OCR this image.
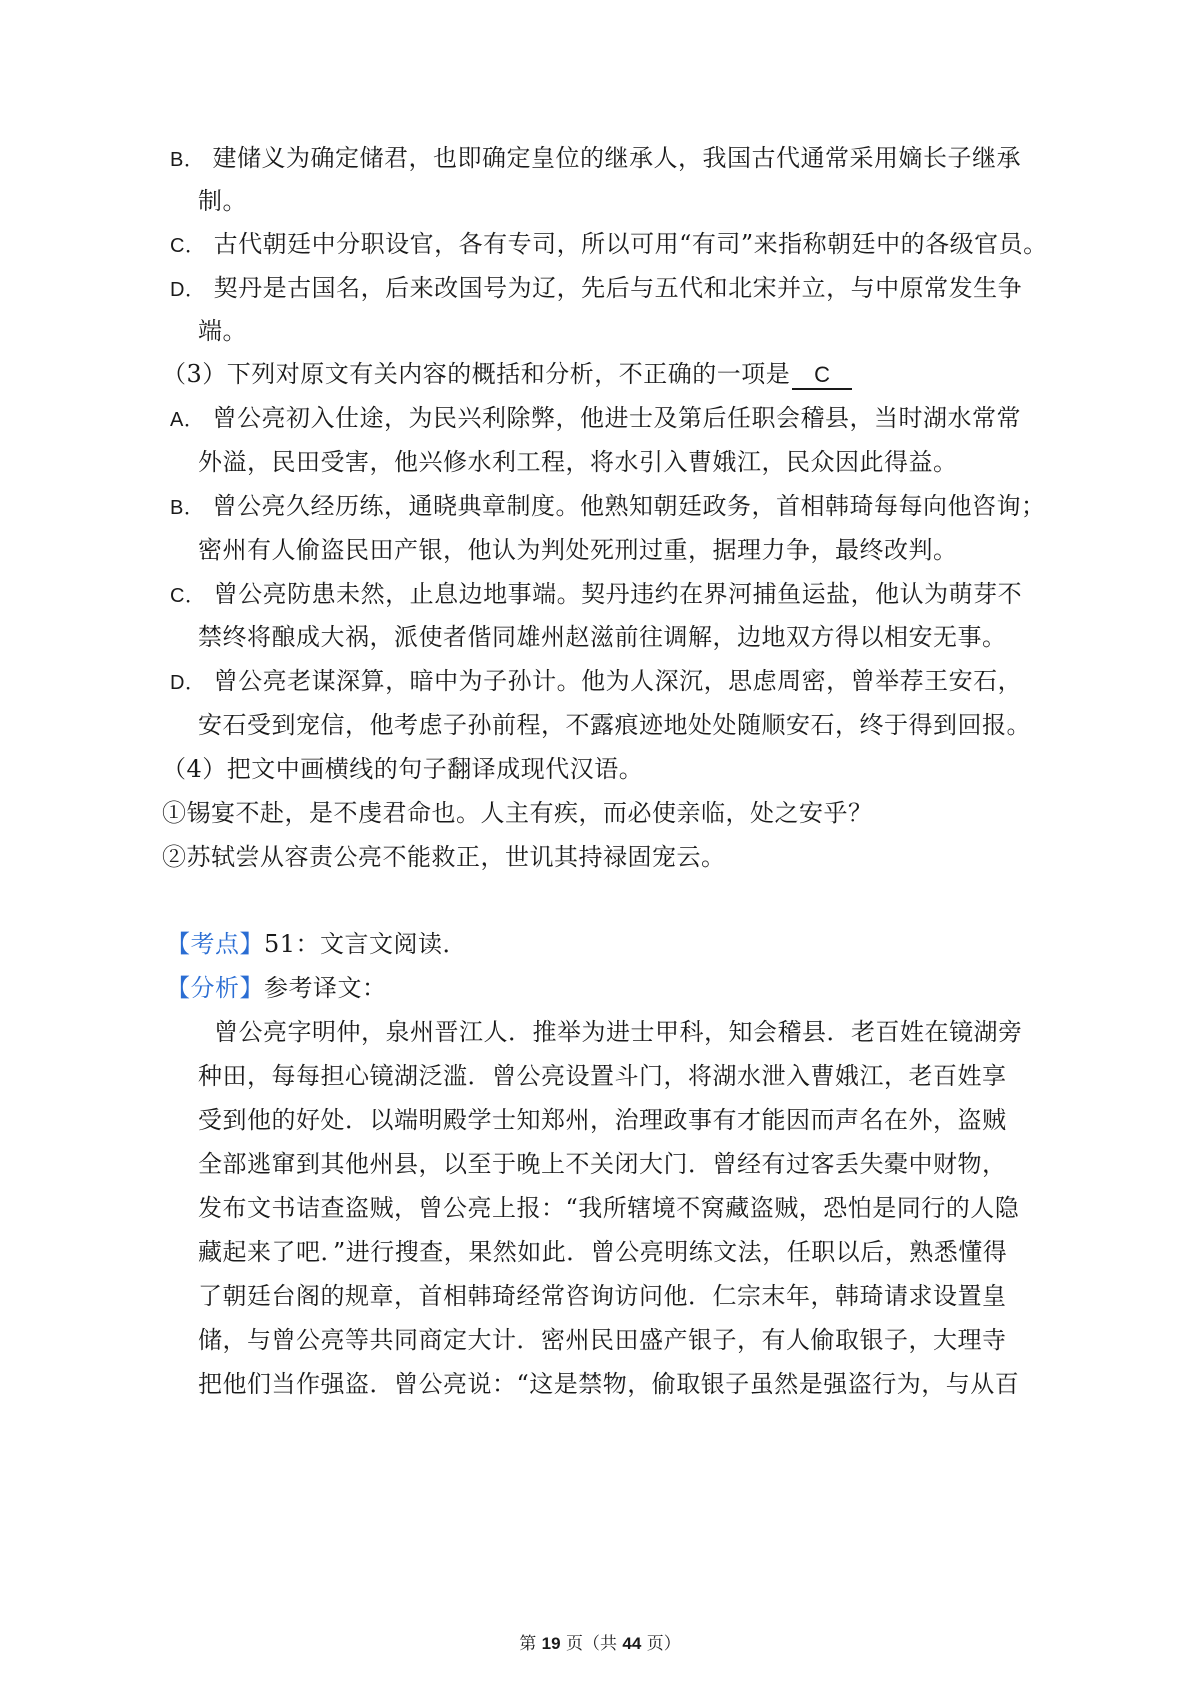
B． 建储义为确定储君，也即确定皇位的继承人，我国古代通常采用嫡长子继承
制。
C． 古代朝廷中分职设官，各有专司，所以可用“有司”来指称朝廷中的各级官员。
D． 契丹是古国名，后来改国号为辽，先后与五代和北宋并立，与中原常发生争
端。
（3）下列对原文有关内容的概括和分析，不正确的一项是 C
A． 曾公亮初入仕途，为民兴利除弊，他进士及第后任职会稽县，当时湖水常常
外溢，民田受害，他兴修水利工程，将水引入曹娥江，民众因此得益。
B． 曾公亮久经历练，通晓典章制度。他熟知朝廷政务，首相韩琦每每向他咨询；
密州有人偷盗民田产银，他认为判处死刑过重，据理力争，最终改判。
C． 曾公亮防患未然，止息边地事端。契丹违约在界河捕鱼运盐，他认为萌芽不
禁终将酿成大祸，派使者偕同雄州赵滋前往调解，边地双方得以相安无事。
D． 曾公亮老谋深算，暗中为子孙计。他为人深沉，思虑周密，曾举荐王安石，
安石受到宠信，他考虑子孙前程，不露痕迹地处处随顺安石，终于得到回报。
（4）把文中画横线的句子翻译成现代汉语。
①锡宴不赴，是不虔君命也。人主有疾，而必使亲临，处之安乎？
②苏轼尝从容责公亮不能救正，世讥其持禄固宠云。
【考点】51：文言文阅读．
【分析】参考译文：
曾公亮字明仲，泉州晋江人．推举为进士甲科，知会稽县．老百姓在镜湖旁
种田，每每担心镜湖泛滥．曾公亮设置斗门，将湖水泄入曹娥江，老百姓享
受到他的好处．以端明殿学士知郑州，治理政事有才能因而声名在外，盗贼
全部逃窜到其他州县，以至于晚上不关闭大门．曾经有过客丢失橐中财物，
发布文书诘查盗贼，曾公亮上报：“我所辖境不窝藏盗贼，恐怕是同行的人隐
藏起来了吧．”进行搜查，果然如此．曾公亮明练文法，任职以后，熟悉懂得
了朝廷台阁的规章，首相韩琦经常咨询访问他．仁宗末年，韩琦请求设置皇
储，与曾公亮等共同商定大计．密州民田盛产银子，有人偷取银子，大理寺
把他们当作强盗．曾公亮说：“这是禁物，偷取银子虽然是强盗行为，与从百
第 19 页（共 44 页）
